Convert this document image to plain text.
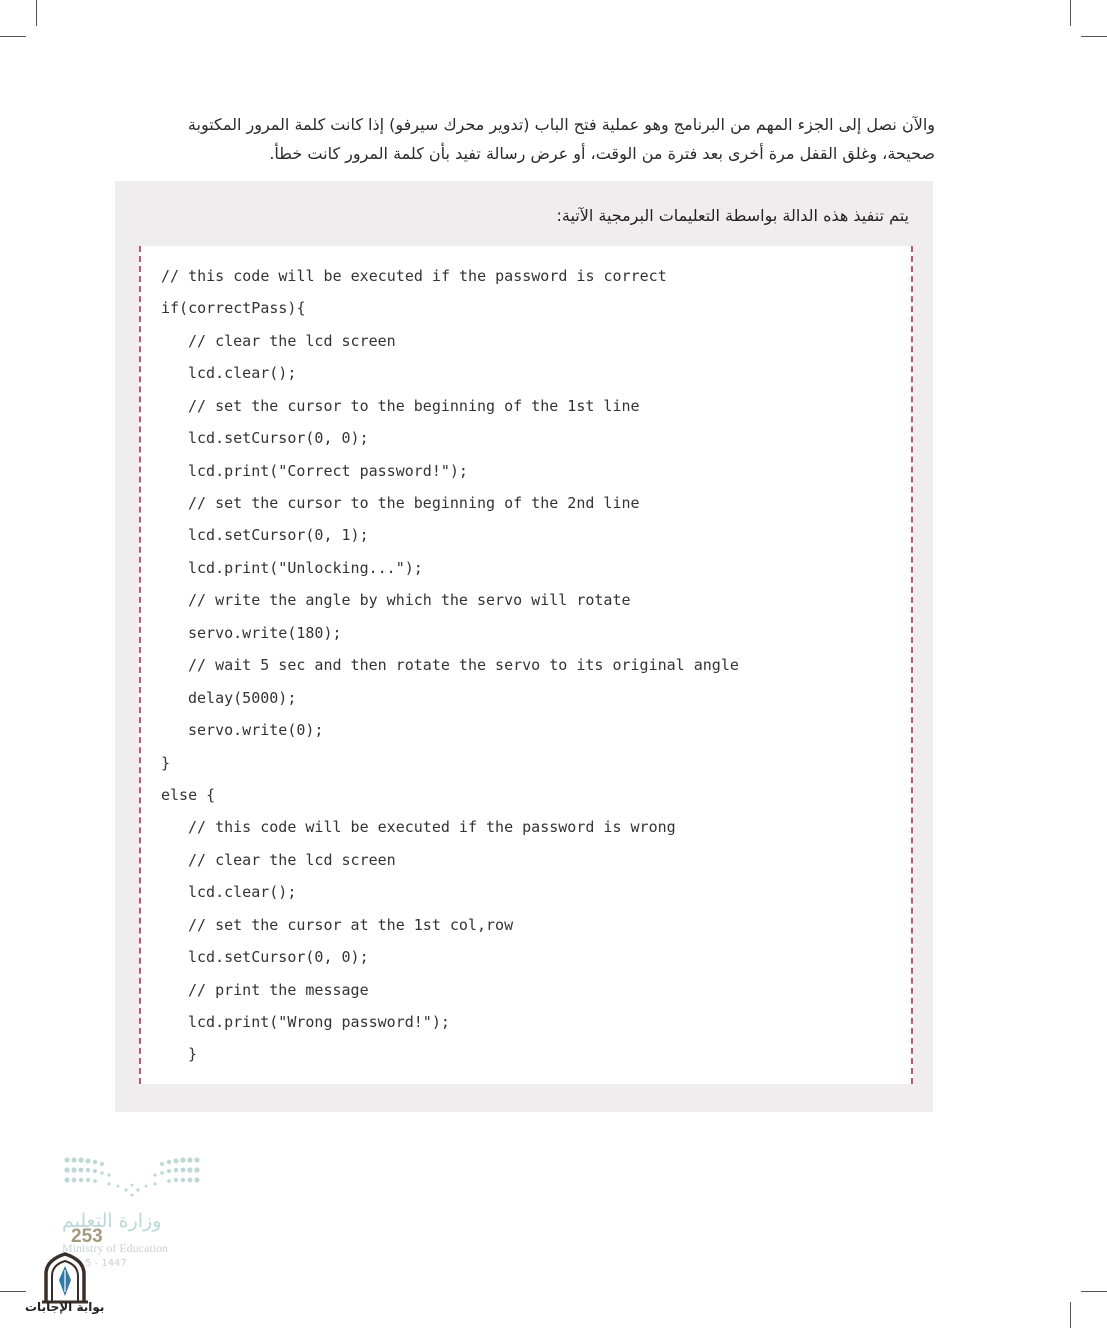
والآن نصل إلى الجزء المهم من البرنامج وهو عملية فتح الباب (تدوير محرك سيرفو) إذا كانت كلمة المرور المكتوبة

صحيحة، وغلق القفل مرة أخرى بعد فترة من الوقت، أو عرض رسالة تفيد بأن كلمة المرور كانت خطأ.

يتم تنفيذ هذه الدالة بواسطة التعليمات البرمجية الآتية:
// this code will be executed if the password is correct
if(correctPass){
// clear the lcd screen
lcd.clear();
// set the cursor to the beginning of the 1st line
lcd.setCursor(0, 0);
lcd.print("Correct password!");
// set the cursor to the beginning of the 2nd line
lcd.setCursor(0, 1);
lcd.print("Unlocking...");
// write the angle by which the servo will rotate
servo.write(180);
// wait 5 sec and then rotate the servo to its original angle
delay(5000);
servo.write(0);
}
else {
// this code will be executed if the password is wrong
// clear the lcd screen
lcd.clear();
// set the cursor at the 1st col,row
lcd.setCursor(0, 0);
// print the message
lcd.print("Wrong password!");
}
وزارة التعليم
Ministry of Education
5 - 1447
253
بوابة الإجابات
